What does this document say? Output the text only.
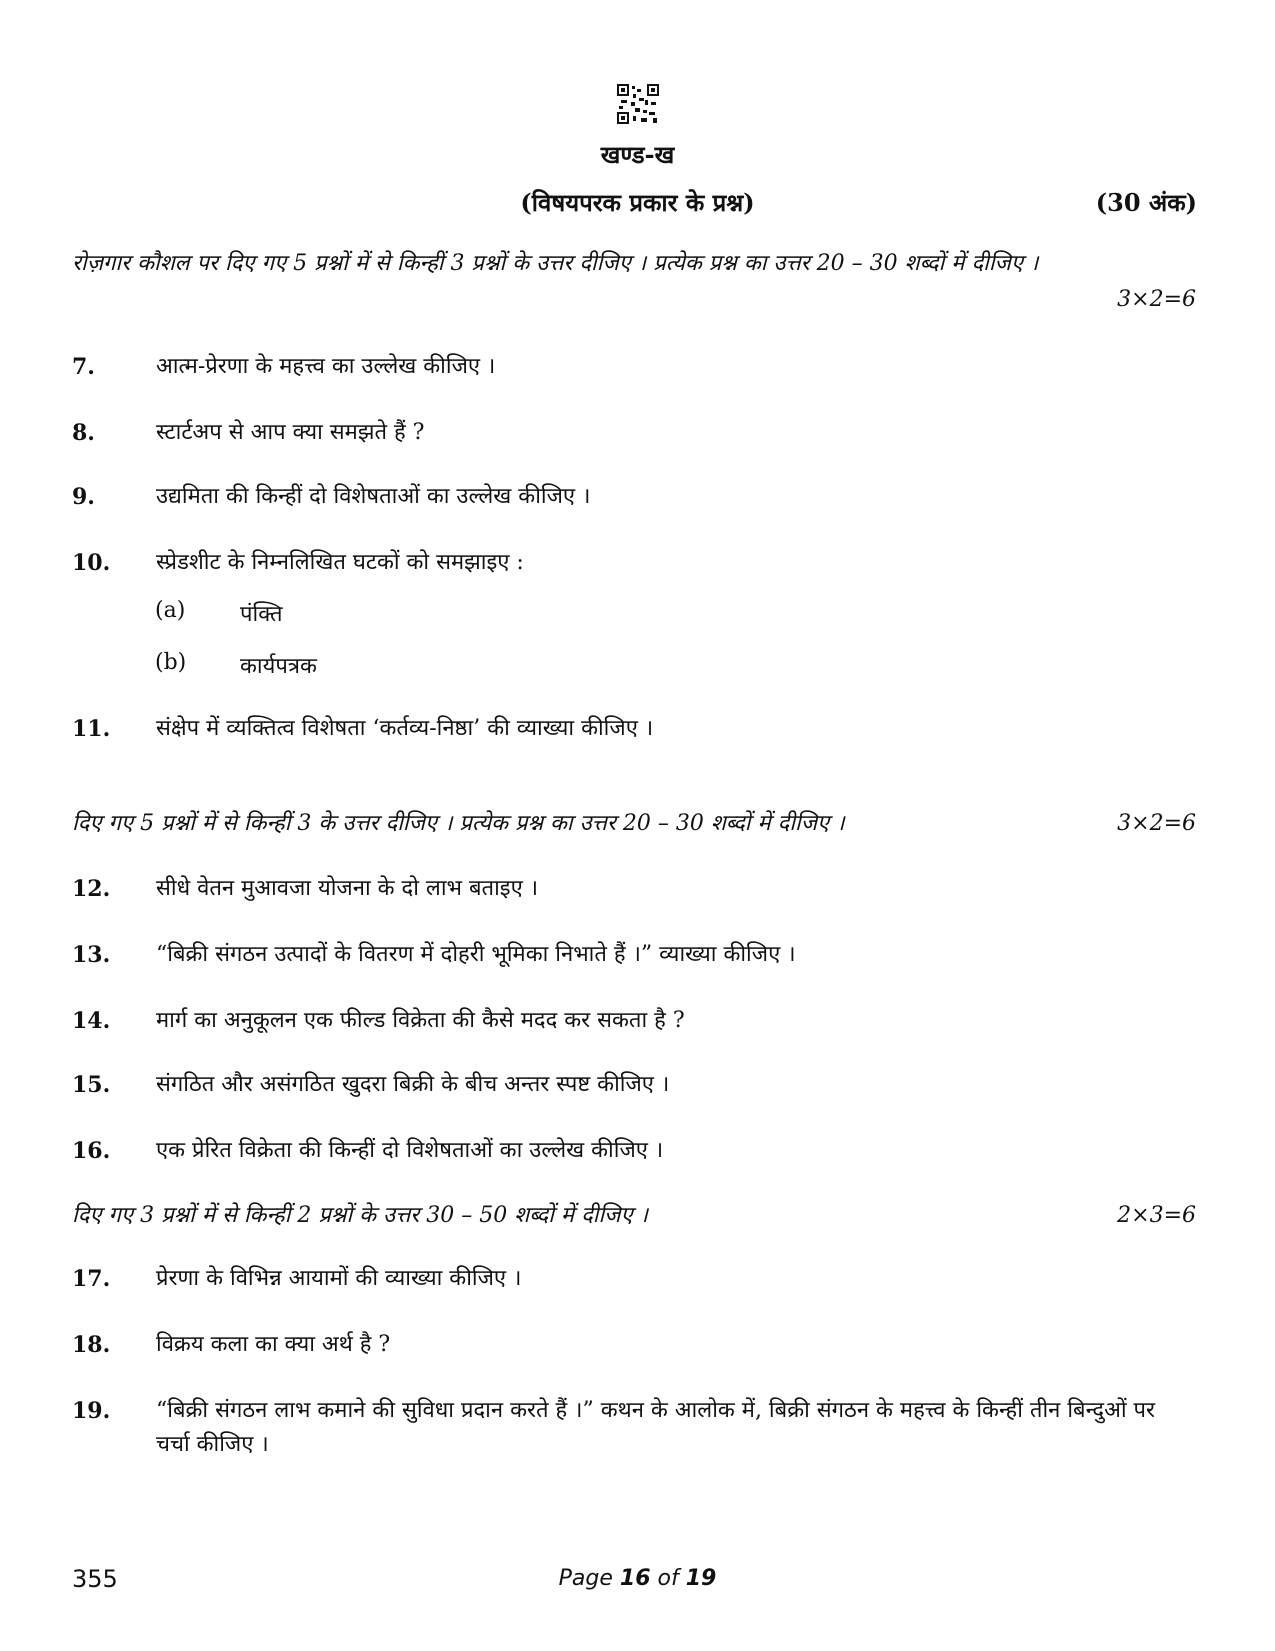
खण्ड-ख
(विषयपरक प्रकार के प्रश्न)	(30 अंक)
3×2=6
रोज़गार कौशल पर दिए गए 5 प्रश्नों में से किन्हीं 3 प्रश्नों के उत्तर दीजिए । प्रत्येक प्रश्न का उत्तर 20 – 30 शब्दों में दीजिए ।
7.	आत्म-प्रेरणा के महत्त्व का उल्लेख कीजिए ।
8.	स्टार्टअप से आप क्या समझते हैं ?
9.	उद्यमिता की किन्हीं दो विशेषताओं का उल्लेख कीजिए ।
10.	स्प्रेडशीट के निम्नलिखित घटकों को समझाइए :
(a)	पंक्ति
(b)	कार्यपत्रक
11.	संक्षेप में व्यक्तित्व विशेषता ‘कर्तव्य-निष्ठा’ की व्याख्या कीजिए ।
3×2=6
दिए गए 5 प्रश्नों में से किन्हीं 3 के उत्तर दीजिए । प्रत्येक प्रश्न का उत्तर 20 – 30 शब्दों में दीजिए ।
12.	सीधे वेतन मुआवजा योजना के दो लाभ बताइए ।
13.	“बिक्री संगठन उत्पादों के वितरण में दोहरी भूमिका निभाते हैं ।” व्याख्या कीजिए ।
14.	मार्ग का अनुकूलन एक फील्ड विक्रेता की कैसे मदद कर सकता है ?
15.	संगठित और असंगठित खुदरा बिक्री के बीच अन्तर स्पष्ट कीजिए ।
16.	एक प्रेरित विक्रेता की किन्हीं दो विशेषताओं का उल्लेख कीजिए ।
2×3=6
दिए गए 3 प्रश्नों में से किन्हीं 2 प्रश्नों के उत्तर 30 – 50 शब्दों में दीजिए ।
17.	प्रेरणा के विभिन्न आयामों की व्याख्या कीजिए ।
18.	विक्रय कला का क्या अर्थ है ?
19.	“बिक्री संगठन लाभ कमाने की सुविधा प्रदान करते हैं ।” कथन के आलोक में, बिक्री संगठन के महत्त्व के किन्हीं तीन बिन्दुओं पर चर्चा कीजिए ।
355	Page 16 of 19
